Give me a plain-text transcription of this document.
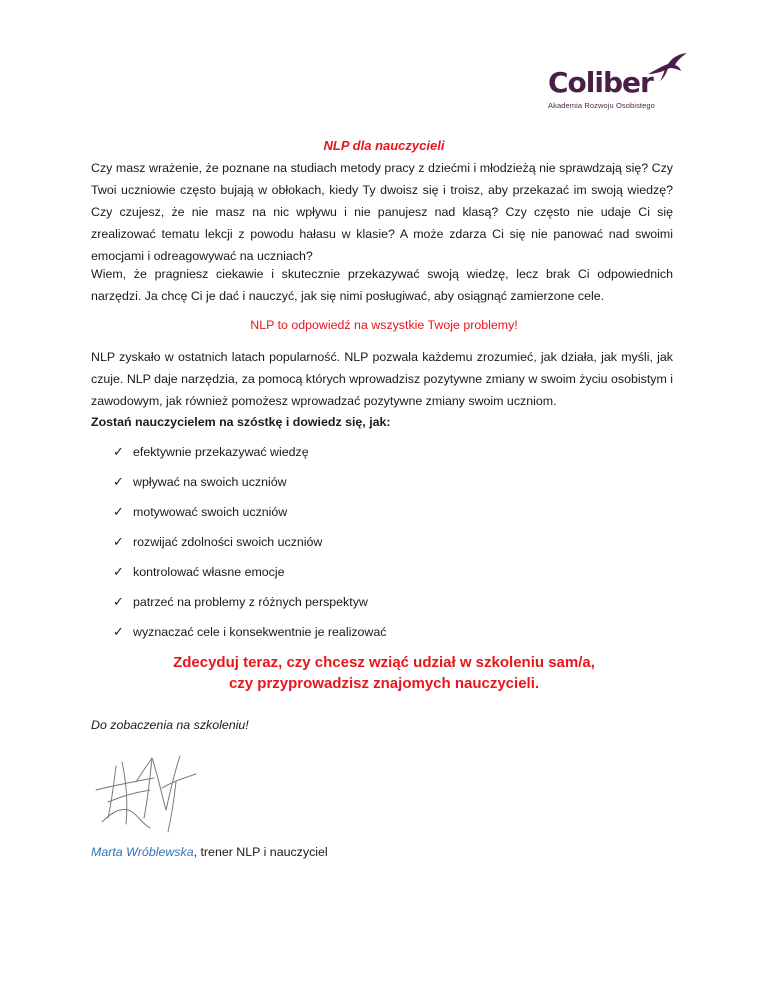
Coliber
Akademia Rozwoju Osobistego
NLP dla nauczycieli

Czy masz wrażenie, że poznane na studiach metody pracy z dziećmi i młodzieżą nie sprawdzają się? Czy Twoi uczniowie często bujają w obłokach, kiedy Ty dwoisz się i troisz, aby przekazać im swoją wiedzę? Czy czujesz, że nie masz na nic wpływu i nie panujesz nad klasą? Czy często nie udaje Ci się zrealizować tematu lekcji z powodu hałasu w klasie? A może zdarza Ci się nie panować nad swoimi emocjami i odreagowywać na uczniach?

Wiem, że pragniesz ciekawie i skutecznie przekazywać swoją wiedzę, lecz brak Ci odpowiednich narzędzi. Ja chcę Ci je dać i nauczyć, jak się nimi posługiwać, aby osiągnąć zamierzone cele.

NLP to odpowiedź na wszystkie Twoje problemy!

NLP zyskało w ostatnich latach popularność. NLP pozwala każdemu zrozumieć, jak działa, jak myśli, jak czuje. NLP daje narzędzia, za pomocą których wprowadzisz pozytywne zmiany w swoim życiu osobistym i zawodowym, jak również pomożesz wprowadzać pozytywne zmiany swoim uczniom.

Zostań nauczycielem na szóstkę i dowiedz się, jak:
✓ efektywnie przekazywać wiedzę
✓ wpływać na swoich uczniów
✓ motywować swoich uczniów
✓ rozwijać zdolności swoich uczniów
✓ kontrolować własne emocje
✓ patrzeć na problemy z różnych perspektyw
✓ wyznaczać cele i konsekwentnie je realizować
Zdecyduj teraz, czy chcesz wziąć udział w szkoleniu sam/a,
czy przyprowadzisz znajomych nauczycieli.
Do zobaczenia na szkoleniu!
Marta Wróblewska, trener NLP i nauczyciel
